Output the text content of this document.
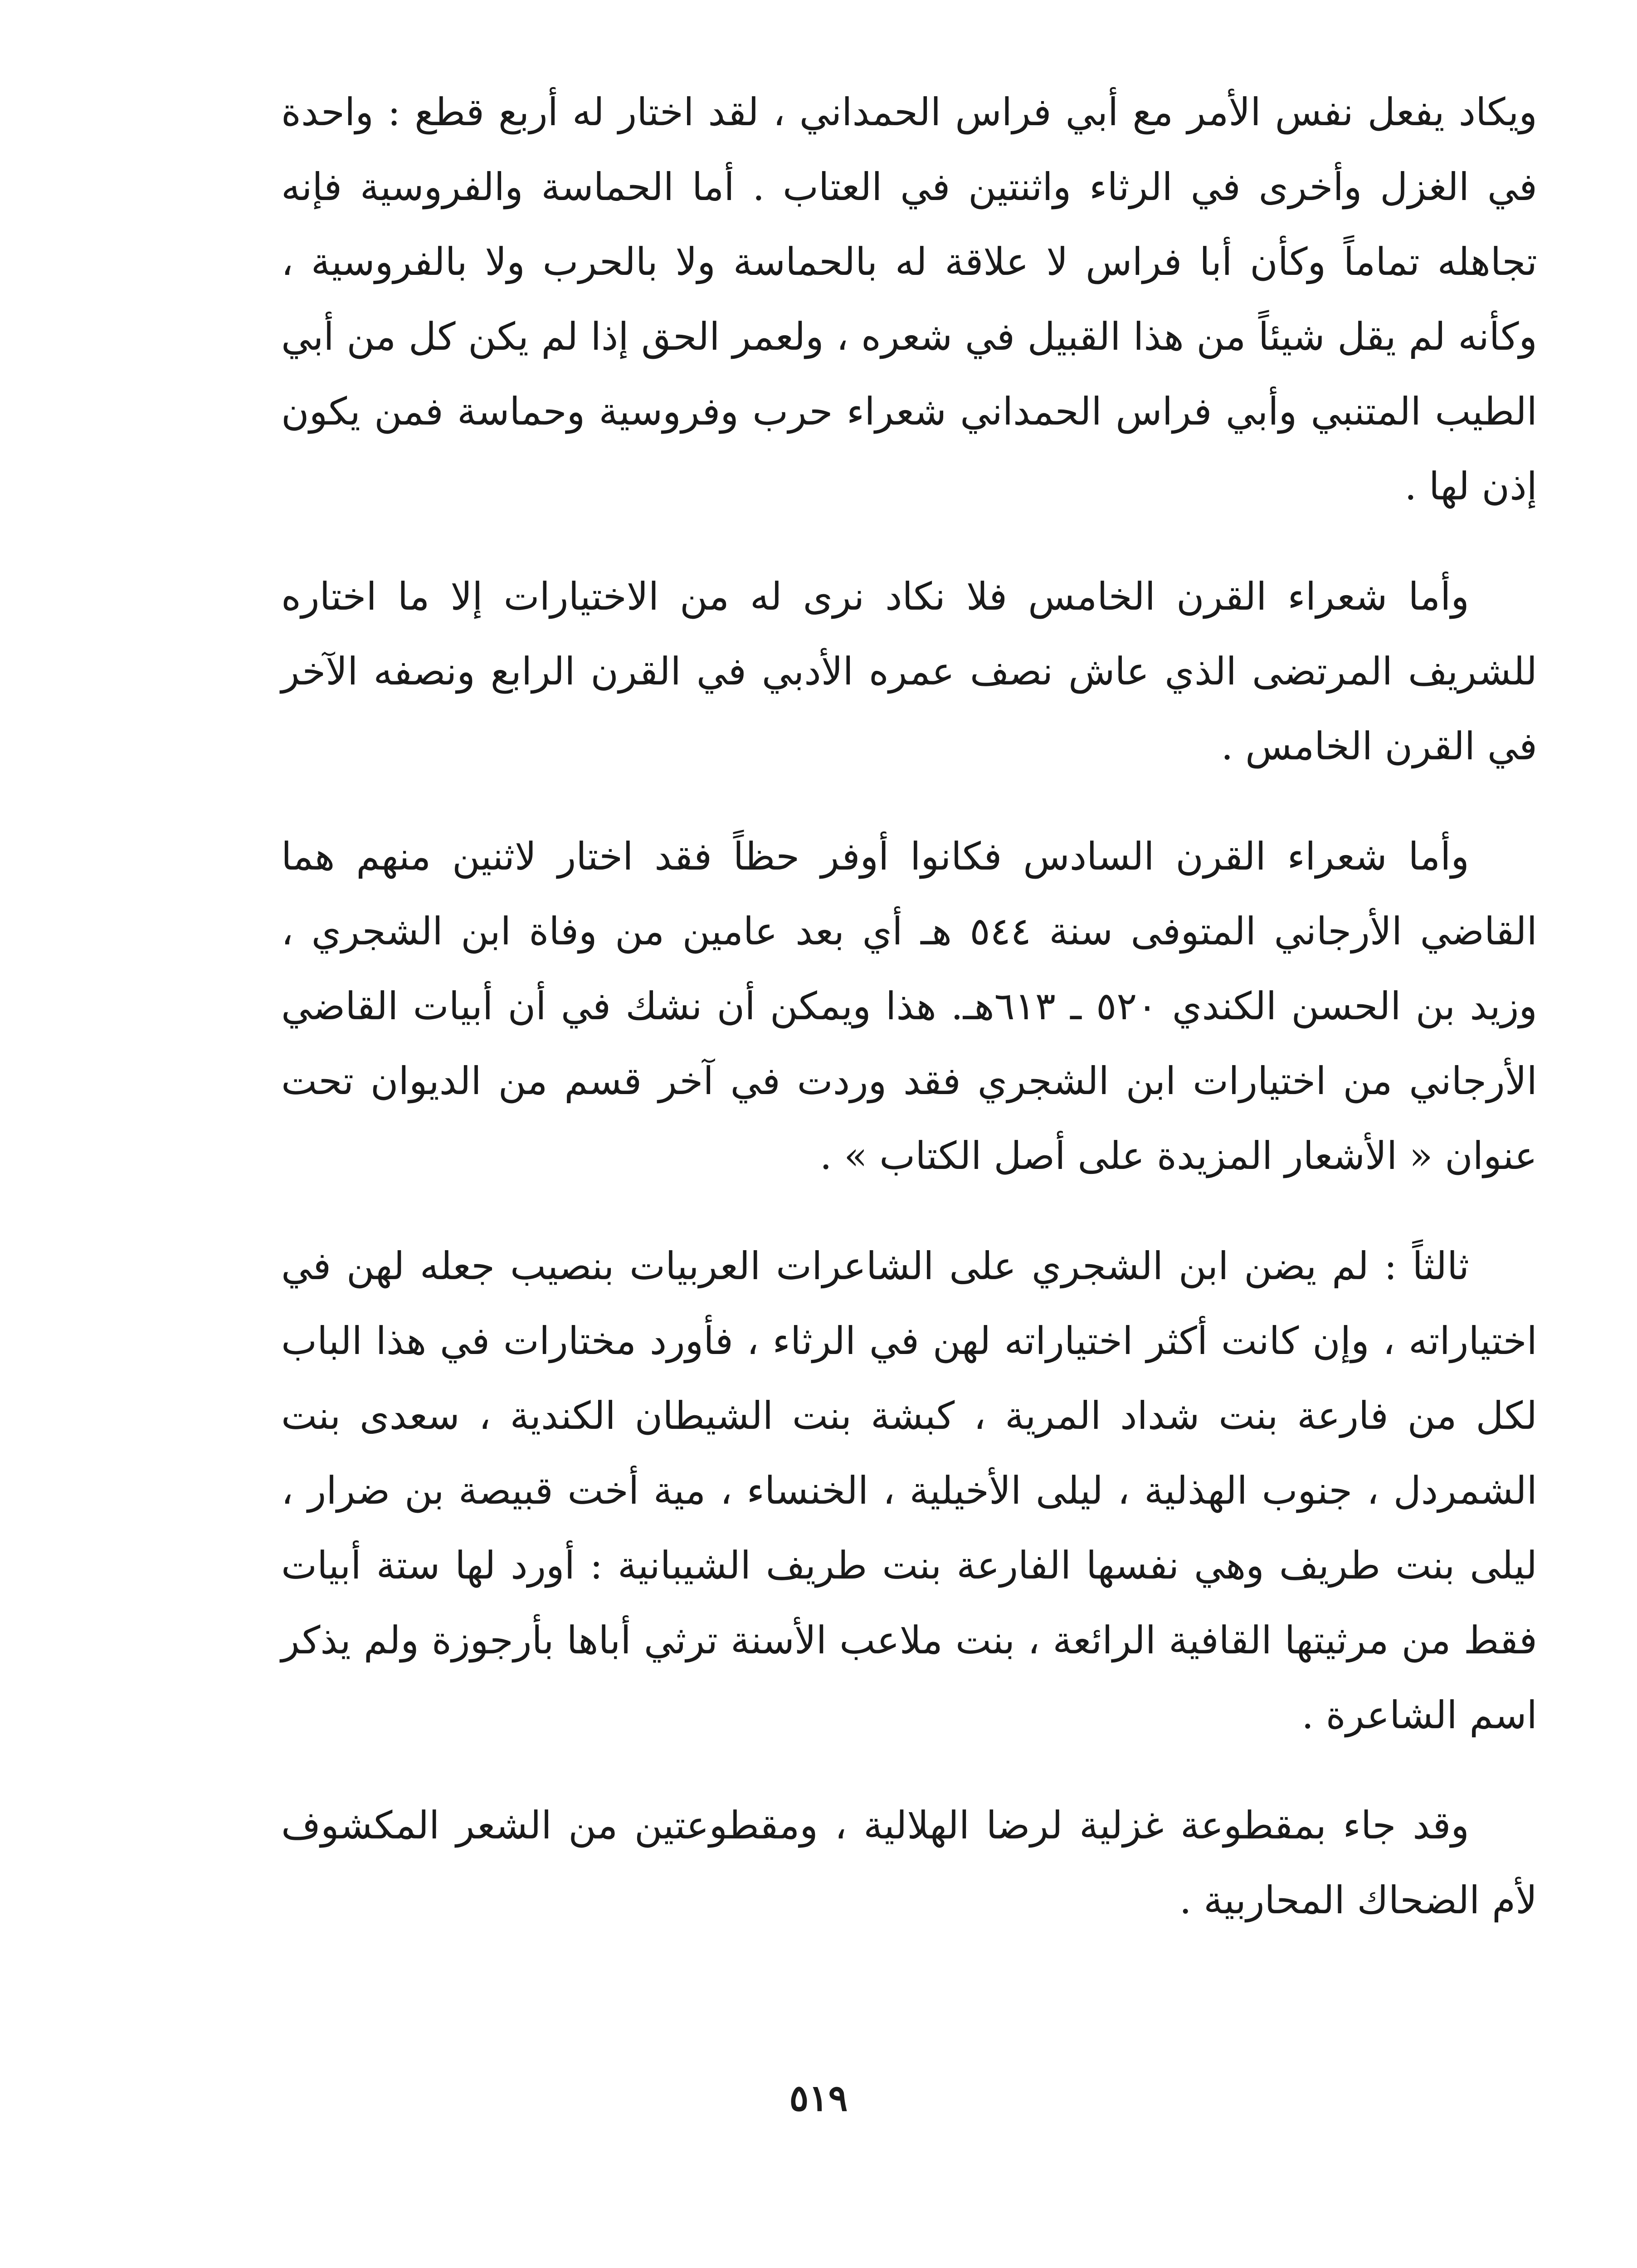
ويكاد يفعل نفس الأمر مع أبي فراس الحمداني ، لقد اختار له أربع قطع : واحدة في الغزل وأخرى في الرثاء واثنتين في العتاب . أما الحماسة والفروسية فإنه تجاهله تماماً وكأن أبا فراس لا علاقة له بالحماسة ولا بالحرب ولا بالفروسية ، وكأنه لم يقل شيئاً من هذا القبيل في شعره ، ولعمر الحق إذا لم يكن كل من أبي الطيب المتنبي وأبي فراس الحمداني شعراء حرب وفروسية وحماسة فمن يكون إذن لها .

وأما شعراء القرن الخامس فلا نكاد نرى له من الاختيارات إلا ما اختاره للشريف المرتضى الذي عاش نصف عمره الأدبي في القرن الرابع ونصفه الآخر في القرن الخامس .

وأما شعراء القرن السادس فكانوا أوفر حظاً فقد اختار لاثنين منهم هما القاضي الأرجاني المتوفى سنة ٥٤٤ هـ أي بعد عامين من وفاة ابن الشجري ، وزيد بن الحسن الكندي ٥٢٠ ـ ٦١٣هـ. هذا ويمكن أن نشك في أن أبيات القاضي الأرجاني من اختيارات ابن الشجري فقد وردت في آخر قسم من الديوان تحت عنوان « الأشعار المزيدة على أصل الكتاب » .

ثالثاً : لم يضن ابن الشجري على الشاعرات العربيات بنصيب جعله لهن في اختياراته ، وإن كانت أكثر اختياراته لهن في الرثاء ، فأورد مختارات في هذا الباب لكل من فارعة بنت شداد المرية ، كبشة بنت الشيطان الكندية ، سعدى بنت الشمردل ، جنوب الهذلية ، ليلى الأخيلية ، الخنساء ، مية أخت قبيصة بن ضرار ، ليلى بنت طريف وهي نفسها الفارعة بنت طريف الشيبانية : أورد لها ستة أبيات فقط من مرثيتها القافية الرائعة ، بنت ملاعب الأسنة ترثي أباها بأرجوزة ولم يذكر اسم الشاعرة .

وقد جاء بمقطوعة غزلية لرضا الهلالية ، ومقطوعتين من الشعر المكشوف لأم الضحاك المحاربية .

٥١٩
